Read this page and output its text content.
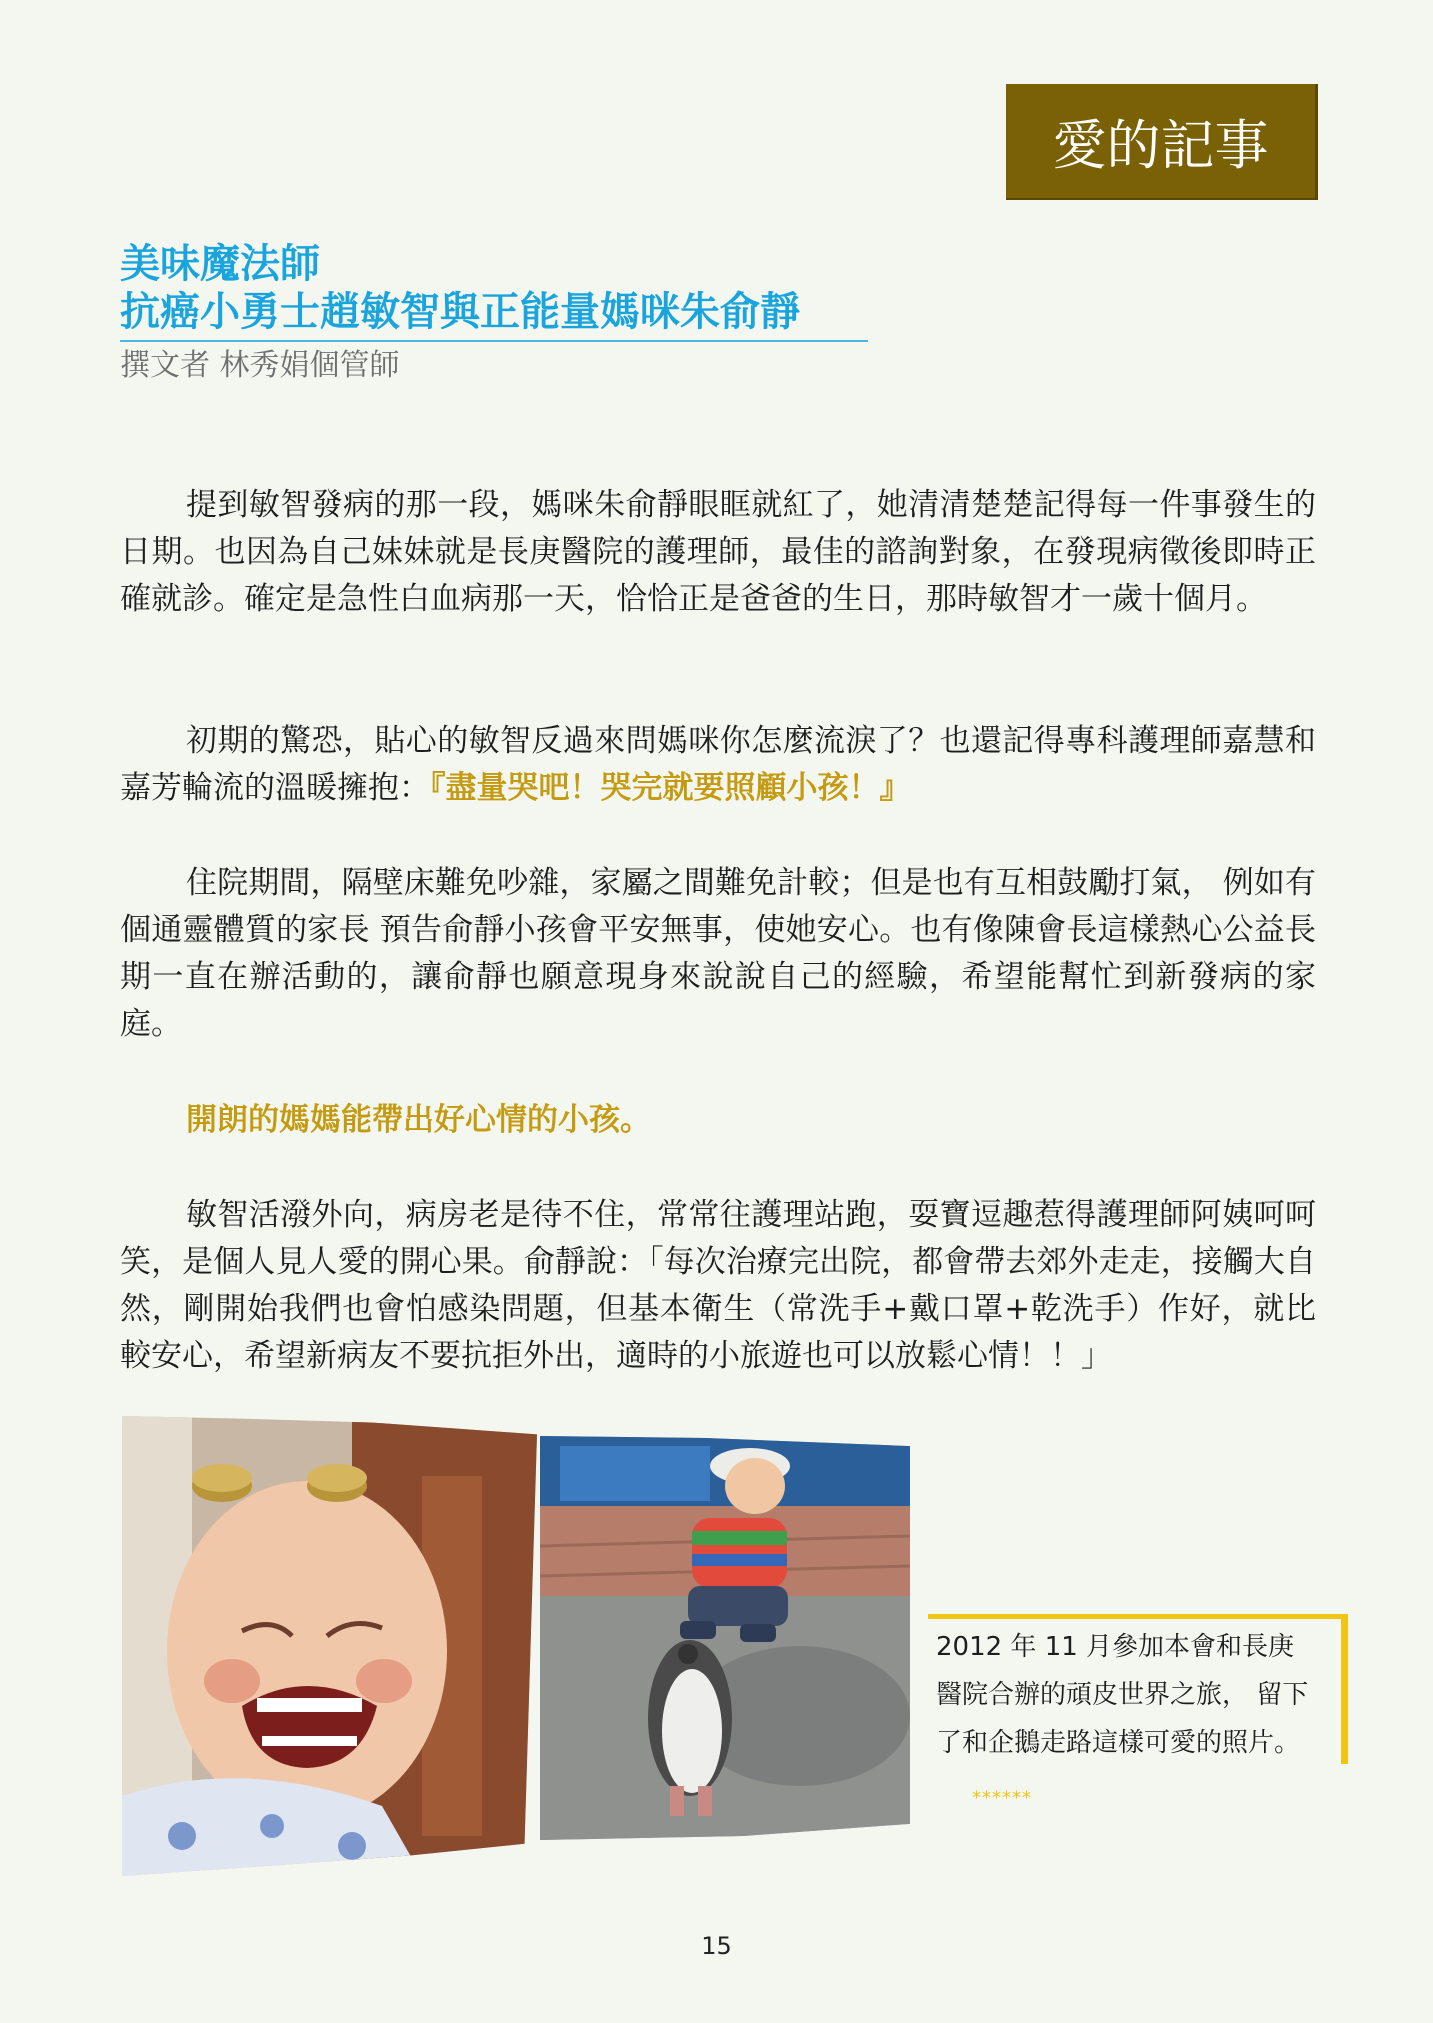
愛的記事

美味魔法師

抗癌小勇士趙敏智與正能量媽咪朱俞靜

撰文者 林秀娟個管師

提到敏智發病的那一段，媽咪朱俞靜眼眶就紅了，她清清楚楚記得每一件事發生的日期。也因為自己妹妹就是長庚醫院的護理師，最佳的諮詢對象，在發現病徵後即時正確就診。確定是急性白血病那一天，恰恰正是爸爸的生日，那時敏智才一歲十個月。

初期的驚恐，貼心的敏智反過來問媽咪你怎麼流淚了？也還記得專科護理師嘉慧和嘉芳輪流的溫暖擁抱：『盡量哭吧！哭完就要照顧小孩！』

住院期間，隔壁床難免吵雜，家屬之間難免計較；但是也有互相鼓勵打氣， 例如有個通靈體質的家長 預告俞靜小孩會平安無事，使她安心。也有像陳會長這樣熱心公益長期一直在辦活動的，讓俞靜也願意現身來說說自己的經驗，希望能幫忙到新發病的家庭。

開朗的媽媽能帶出好心情的小孩。

敏智活潑外向，病房老是待不住，常常往護理站跑，耍寶逗趣惹得護理師阿姨呵呵笑，是個人見人愛的開心果。俞靜說：「每次治療完出院，都會帶去郊外走走，接觸大自然，剛開始我們也會怕感染問題，但基本衛生（常洗手+戴口罩+乾洗手）作好，就比較安心，希望新病友不要抗拒外出，適時的小旅遊也可以放鬆心情！！」

2012 年 11 月參加本會和長庚醫院合辦的頑皮世界之旅， 留下了和企鵝走路這樣可愛的照片。
⁎⁎⁎⁎⁎⁎
15
